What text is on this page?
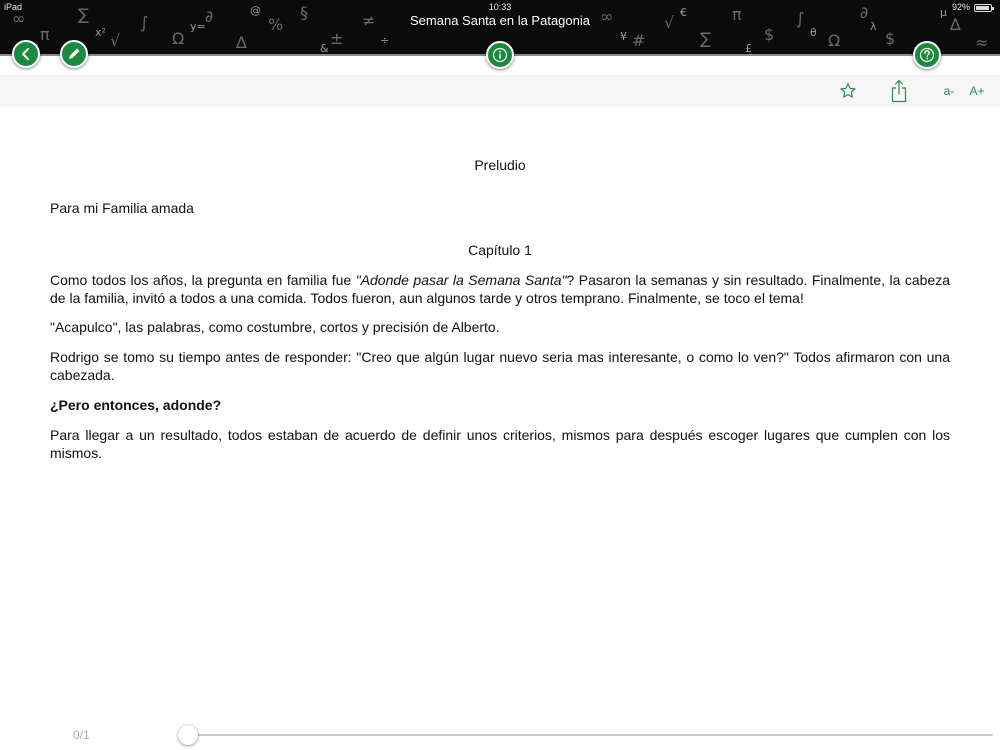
∞
π
∑
√
∫
Ω
∂
∆
%
§
±
≠	∞
#
√
∑
π
$
∫
Ω
∂
$
∆
≈
x²	y=
@
&
÷	¥
€
£
θ	λ
μ
iPad	10:33	92%
Semana Santa en la Patagonia
a-	A+
Preludio
Para mi Familia amada
Capítulo 1
Como todos los años, la pregunta en familia fue "Adonde pasar la Semana Santa"? Pasaron la semanas y sin resultado. Finalmente, la cabeza de la familia, invitó a todos a una comida. Todos fueron, aun algunos tarde y otros temprano. Finalmente, se toco el tema!
"Acapulco", las palabras, como costumbre, cortos y precisión de Alberto.
Rodrigo se tomo su tiempo antes de responder: "Creo que algún lugar nuevo seria mas interesante, o como lo ven?" Todos afirmaron con una cabezada.
¿Pero entonces, adonde?
Para llegar a un resultado, todos estaban de acuerdo de definir unos criterios, mismos para después escoger lugares que cumplen con los mismos.
0/1
